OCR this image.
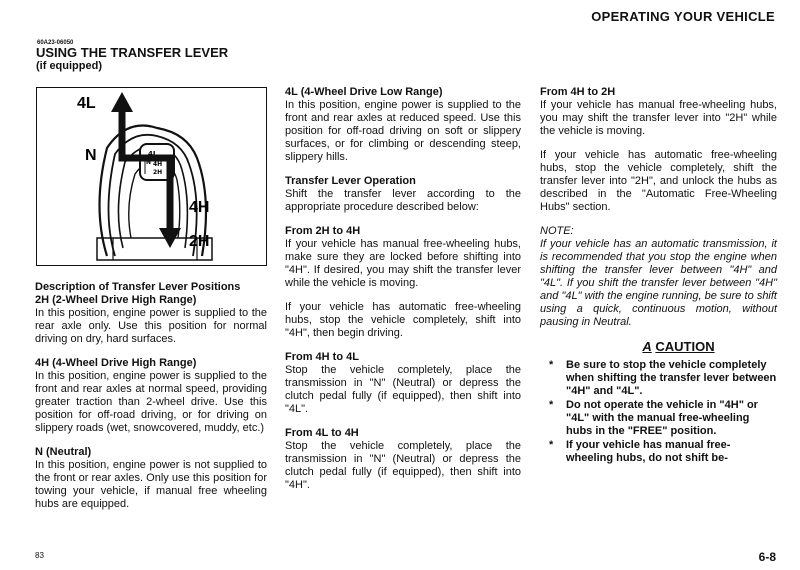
OPERATING YOUR VEHICLE
60A23-06050
USING THE TRANSFER LEVER
(if equipped)
4L
N 4H
2H
4L
N
4H
2H

Description of Transfer Lever Positions

2H (2-Wheel Drive High Range)

In this position, engine power is supplied to the rear axle only. Use this position for normal driving on dry, hard surfaces.

4H (4-Wheel Drive High Range)

In this position, engine power is supplied to the front and rear axles at normal speed, providing greater traction than 2-wheel drive. Use this position for off-road driving, or for driving on slippery roads (wet, snowcovered, muddy, etc.)

N (Neutral)

In this position, engine power is not supplied to the front or rear axles. Only use this position for towing your vehicle, if manual free wheeling hubs are equipped.

4L (4-Wheel Drive Low Range)

In this position, engine power is supplied to the front and rear axles at reduced speed. Use this position for off-road driving on soft or slippery surfaces, or for climbing or descending steep, slippery hills.

Transfer Lever Operation

Shift the transfer lever according to the appropriate procedure described below:

From 2H to 4H

If your vehicle has manual free-wheeling hubs, make sure they are locked before shifting into "4H". If desired, you may shift the transfer lever while the vehicle is moving.

If your vehicle has automatic free-wheeling hubs, stop the vehicle completely, shift into "4H", then begin driving.

From 4H to 4L

Stop the vehicle completely, place the transmission in "N" (Neutral) or depress the clutch pedal fully (if equipped), then shift into "4L".

From 4L to 4H

Stop the vehicle completely, place the transmission in "N" (Neutral) or depress the clutch pedal fully (if equipped), then shift into "4H".

From 4H to 2H

If your vehicle has manual free-wheeling hubs, you may shift the transfer lever into "2H" while the vehicle is moving.

If your vehicle has automatic free-wheeling hubs, stop the vehicle completely, shift the transfer lever into "2H", and unlock the hubs as described in the "Automatic Free-Wheeling Hubs" section.

NOTE:

If your vehicle has an automatic transmission, it is recommended that you stop the engine when shifting the transfer lever between "4H" and "4L". If you shift the transfer lever between "4H" and "4L" with the engine running, be sure to shift using a quick, continuous motion, without pausing in Neutral.

A CAUTION
* Be sure to stop the vehicle completely when shifting the transfer lever between "4H" and "4L".
* Do not operate the vehicle in "4H" or "4L" with the manual free-wheeling hubs in the "FREE" position.
* If your vehicle has manual free-wheeling hubs, do not shift be-
83	6-8
